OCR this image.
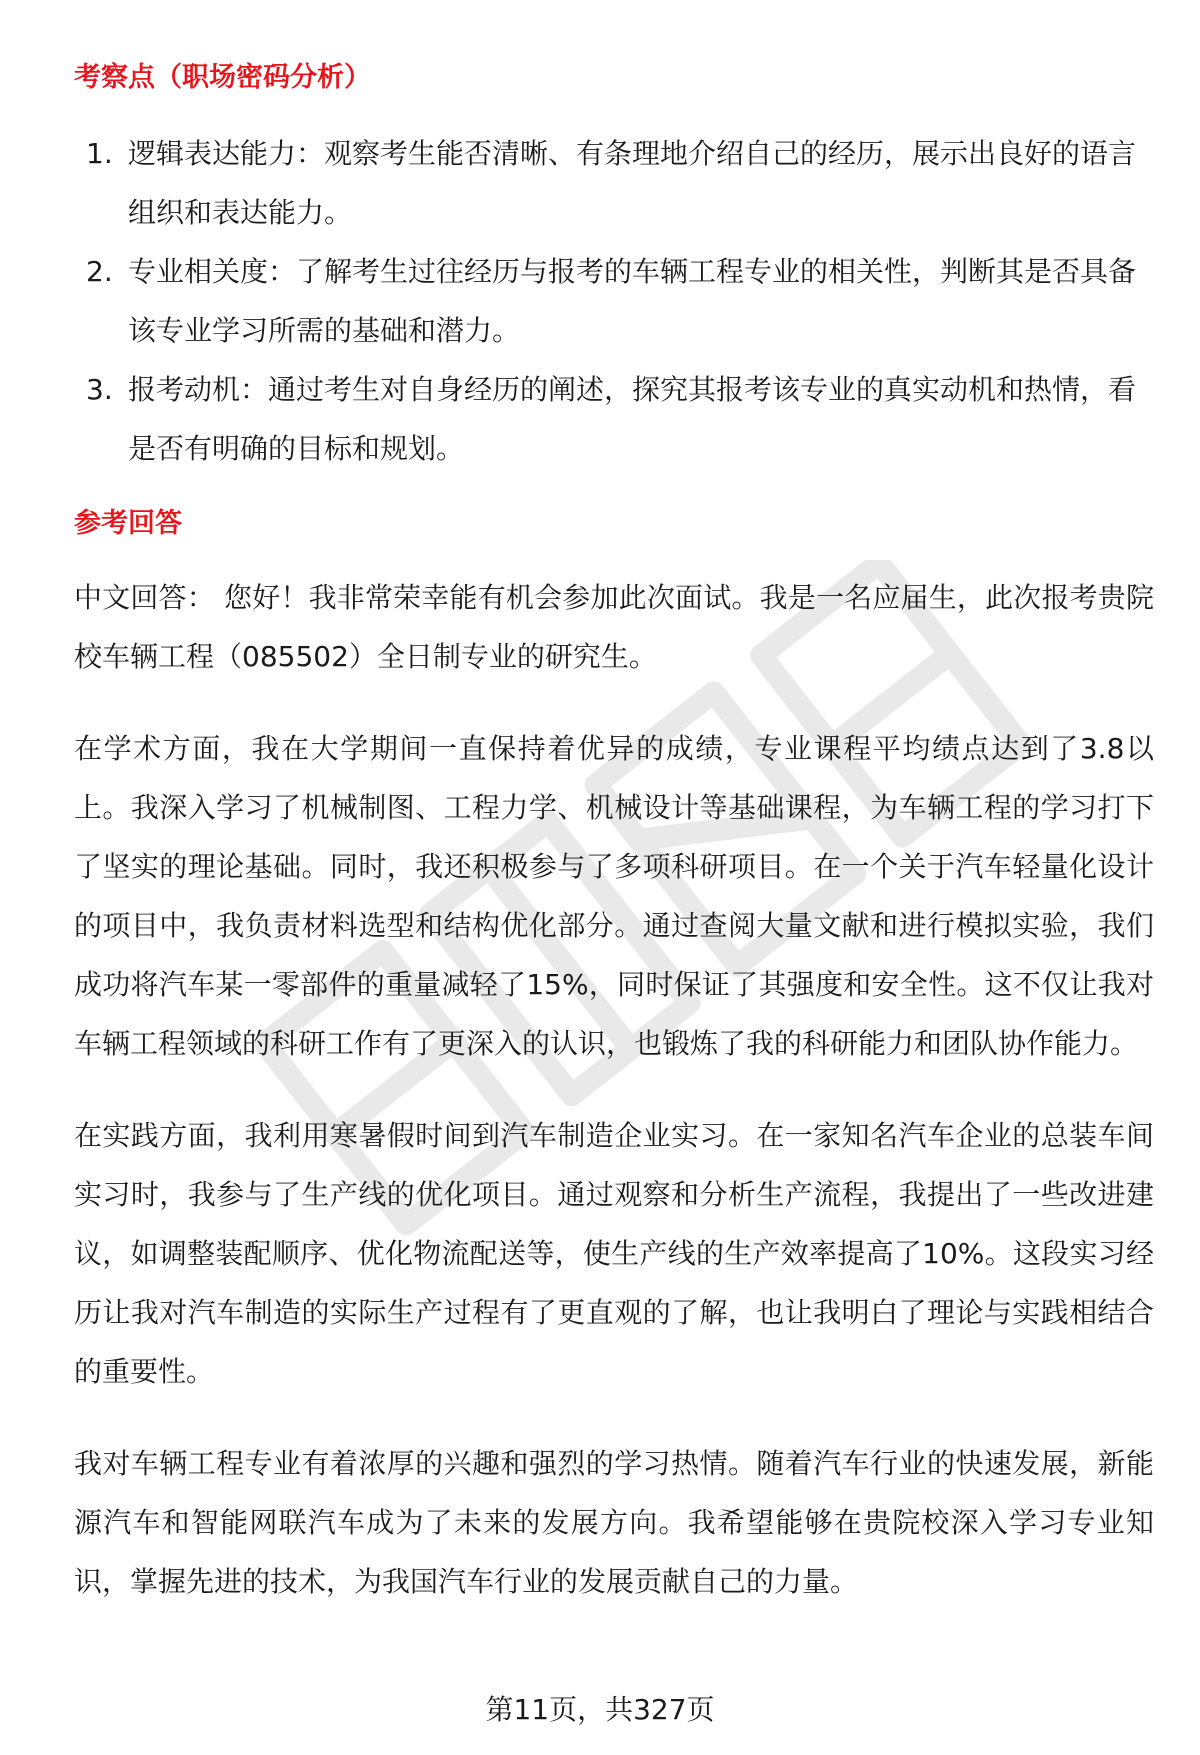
考察点（职场密码分析）
1. 逻辑表达能力：观察考生能否清晰、有条理地介绍自己的经历，展示出良好的语言组织和表达能力。
2. 专业相关度：了解考生过往经历与报考的车辆工程专业的相关性，判断其是否具备该专业学习所需的基础和潜力。
3. 报考动机：通过考生对自身经历的阐述，探究其报考该专业的真实动机和热情，看是否有明确的目标和规划。
参考回答

中文回答： 您好！我非常荣幸能有机会参加此次面试。我是一名应届生，此次报考贵院校车辆工程（085502）全日制专业的研究生。

在学术方面，我在大学期间一直保持着优异的成绩，专业课程平均绩点达到了3.8以上。我深入学习了机械制图、工程力学、机械设计等基础课程，为车辆工程的学习打下了坚实的理论基础。同时，我还积极参与了多项科研项目。在一个关于汽车轻量化设计的项目中，我负责材料选型和结构优化部分。通过查阅大量文献和进行模拟实验，我们成功将汽车某一零部件的重量减轻了15%，同时保证了其强度和安全性。这不仅让我对车辆工程领域的科研工作有了更深入的认识，也锻炼了我的科研能力和团队协作能力。

在实践方面，我利用寒暑假时间到汽车制造企业实习。在一家知名汽车企业的总装车间实习时，我参与了生产线的优化项目。通过观察和分析生产流程，我提出了一些改进建议，如调整装配顺序、优化物流配送等，使生产线的生产效率提高了10%。这段实习经历让我对汽车制造的实际生产过程有了更直观的了解，也让我明白了理论与实践相结合的重要性。

我对车辆工程专业有着浓厚的兴趣和强烈的学习热情。随着汽车行业的快速发展，新能源汽车和智能网联汽车成为了未来的发展方向。我希望能够在贵院校深入学习专业知识，掌握先进的技术，为我国汽车行业的发展贡献自己的力量。

第11页，共327页
